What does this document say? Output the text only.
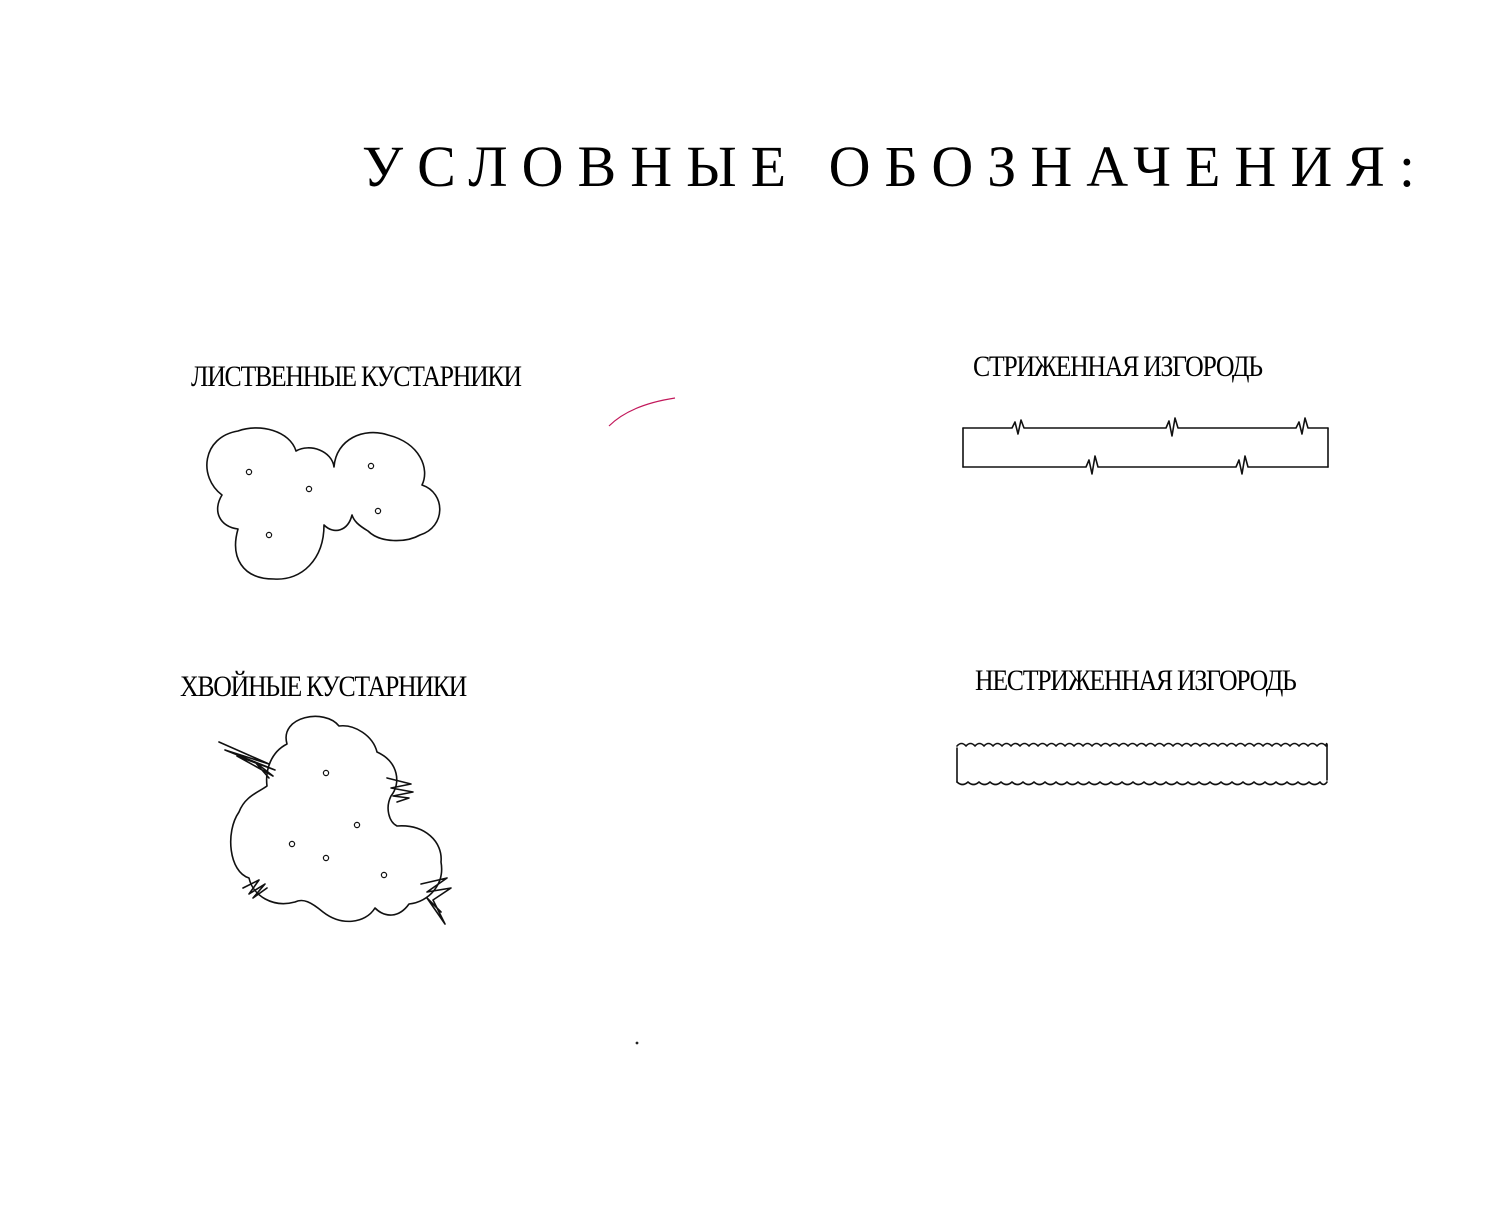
УСЛОВНЫЕ ОБОЗНАЧЕНИЯ:
ЛИСТВЕННЫЕ КУСТАРНИКИ
ХВОЙНЫЕ КУСТАРНИКИ
СТРИЖЕННАЯ ИЗГОРОДЬ
НЕСТРИЖЕННАЯ ИЗГОРОДЬ
